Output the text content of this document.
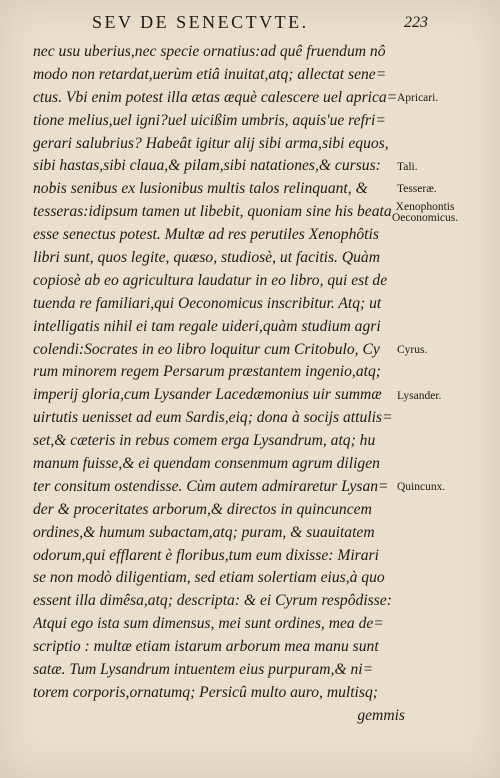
SEV DE SENECTVTE.	223
nec usu uberius,nec specie ornatius:ad quê fruendum nô
modo non retardat,uerùm etiâ inuitat,atq; allectat sene=
ctus. Vbi enim potest illa ætas æquè calescere uel aprica=
tione melius,uel igni?uel uicißim umbris, aquis'ue refri=
gerari salubrius? Habeât igitur alij sibi arma,sibi equos,
sibi hastas,sibi claua,& pilam,sibi natationes,& cursus:
nobis senibus ex lusionibus multis talos relinquant, &
tesseras:idipsum tamen ut libebit, quoniam sine his beata
esse senectus potest. Multæ ad res perutiles Xenophôtis
libri sunt, quos legite, quæso, studiosè, ut facitis. Quàm
copiosè ab eo agricultura laudatur in eo libro, qui est de
tuenda re familiari,qui Oeconomicus inscribitur. Atq; ut
intelligatis nihil ei tam regale uideri,quàm studium agri
colendi:Socrates in eo libro loquitur cum Critobulo, Cy
rum minorem regem Persarum præstantem ingenio,atq;
imperij gloria,cum Lysander Lacedæmonius uir summæ
uirtutis uenisset ad eum Sardis,eiq; dona à socijs attulis=
set,& cæteris in rebus comem erga Lysandrum, atq; hu
manum fuisse,& ei quendam consептum agrum diligen
ter consitum ostendisse. Cùm autem admiraretur Lysan=
der & proceritates arborum,& directos in quincuncem
ordines,& humum subactam,atq; puram, & suauitatem
odorum,qui efflarent è floribus,tum eum dixisse: Mirari
se non modò diligentiam, sed etiam solertiam eius,à quo
essent illa dimêsa,atq; descripta: & ei Cyrum respôdisse:
Atqui ego ista sum dimensus, mei sunt ordines, mea de=
scriptio : multæ etiam istarum arborum mea manu sunt
satæ. Tum Lysandrum intuentem eius purpuram,& ni=
torem corporis,ornatumq; Persicû multo auro, multisq;
gemmis
Apricari.
Tali.
Tesseræ.
Xenophontis
Oeconomicus.
Cyrus.
Lysander.
Quincunx.
